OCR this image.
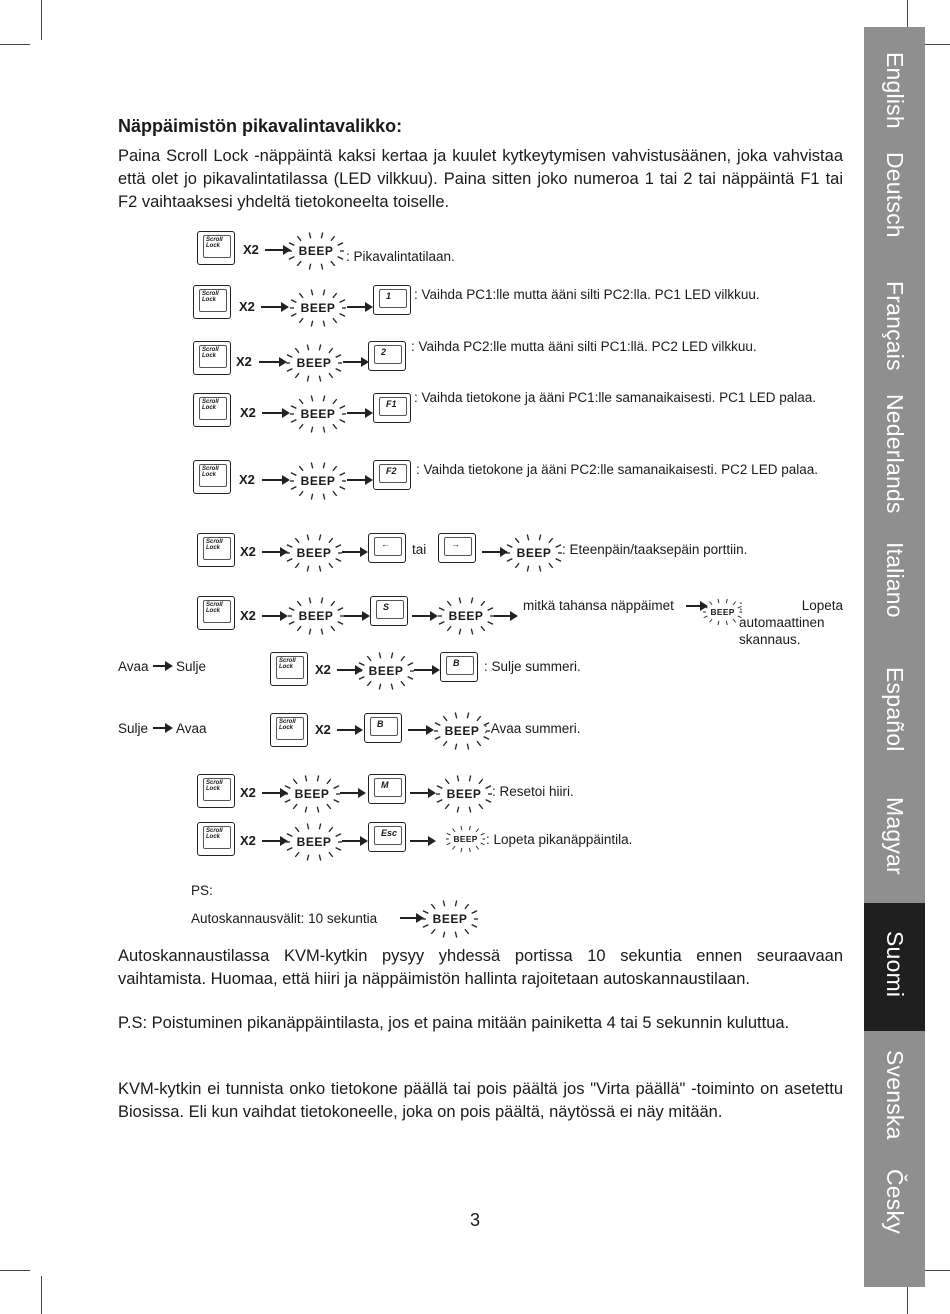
English
Deutsch
Français
Nederlands
Italiano
Español
Magyar
Suomi
Svenska
Česky
Näppäimistön pikavalintavalikko:
Paina Scroll Lock -näppäintä kaksi kertaa ja kuulet kytkeytymisen vahvistusäänen, joka vahvistaa että olet jo pikavalintatilassa (LED vilkkuu). Paina sitten joko numeroa 1 tai 2 tai näppäintä F1 tai F2 vaihtaaksesi yhdeltä tietokoneelta toiselle.
Scroll Lock	X2	BEEP : Pikavalintatilaan.
Scroll Lock	X2	BEEP
1 : Vaihda PC1:lle mutta ääni silti PC2:lla. PC1 LED vilkkuu.
Scroll Lock	X2	BEEP
2 : Vaihda PC2:lle mutta ääni silti PC1:llä. PC2 LED vilkkuu.
Scroll Lock	X2	BEEP
F1 : Vaihda tietokone ja ääni PC1:lle samanaikaisesti. PC1 LED palaa.
Scroll Lock	X2	BEEP
F2 : Vaihda tietokone ja ääni PC2:lle samanaikaisesti. PC2 LED palaa.
Scroll Lock	X2	BEEP
← tai	→
BEEP : Eteenpäin/taaksepäin porttiin.
Scroll Lock	X2	BEEP
S
BEEP
mitkä tahansa näppäimet	BEEP : Lopeta automaattinen skannaus.
Avaa Sulje	Scroll Lock	X2	BEEP
B : Sulje summeri.
Sulje Avaa	Scroll Lock	X2	B	BEEP : Avaa summeri.
Scroll Lock	X2	BEEP
M
BEEP : Resetoi hiiri.
Scroll Lock	X2	BEEP
Esc
BEEP : Lopeta pikanäppäintila.
PS:
Autoskannausvälit: 10 sekuntia	BEEP
Autoskannaustilassa KVM-kytkin pysyy yhdessä portissa 10 sekuntia ennen seuraavaan vaihtamista. Huomaa, että hiiri ja näppäimistön hallinta rajoitetaan autoskannaustilaan.
P.S: Poistuminen pikanäppäintilasta, jos et paina mitään painiketta 4 tai 5 sekunnin kuluttua.
KVM-kytkin ei tunnista onko tietokone päällä tai pois päältä jos "Virta päällä" -toiminto on asetettu Biosissa. Eli kun vaihdat tietokoneelle, joka on pois päältä, näytössä ei näy mitään.
3
